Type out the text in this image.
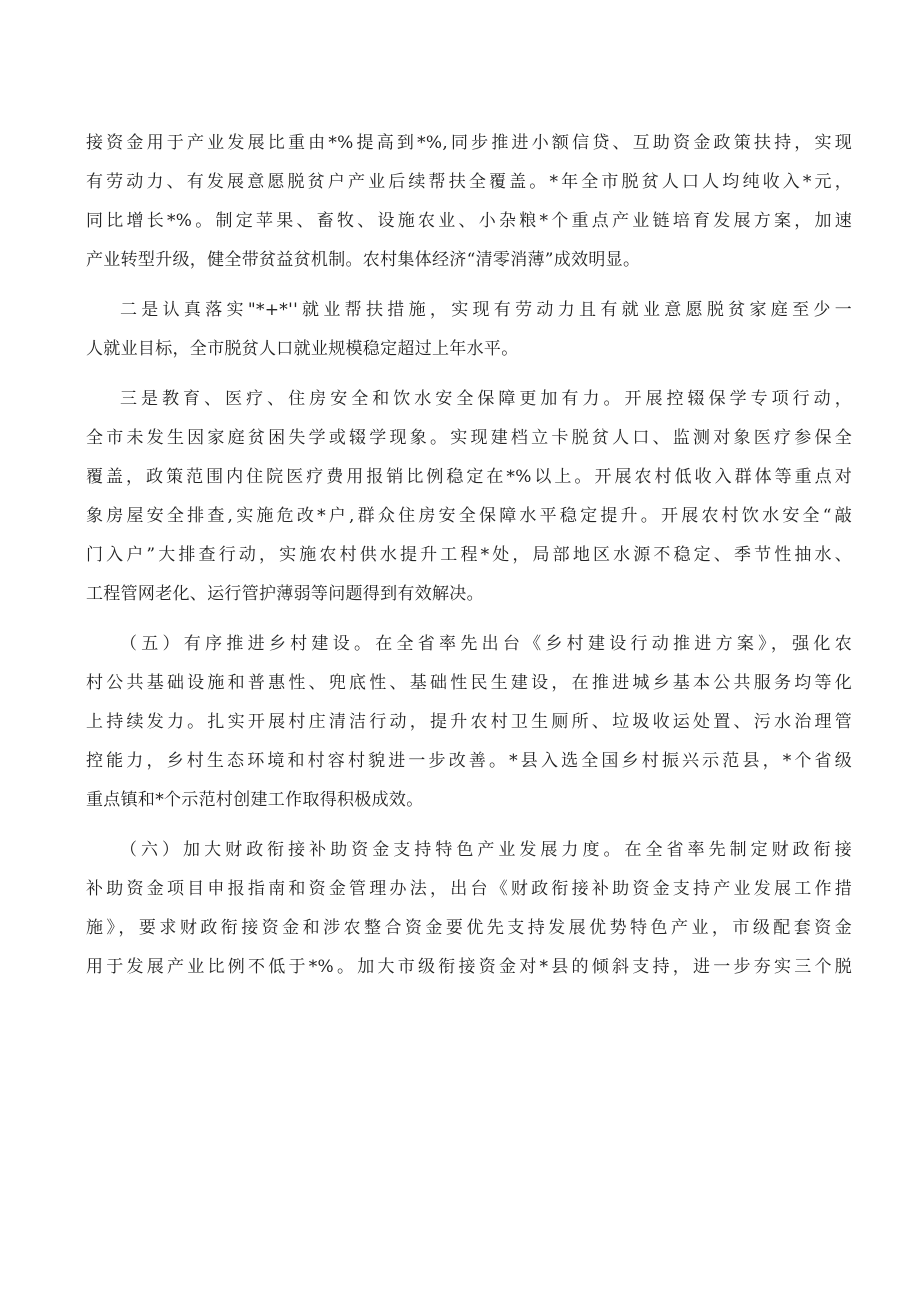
接资金用于产业发展比重由*%提高到*%,同步推进小额信贷、互助资金政策扶持，实现
有劳动力、有发展意愿脱贫户产业后续帮扶全覆盖。*年全市脱贫人口人均纯收入*元，
同比增长*%。制定苹果、畜牧、设施农业、小杂粮*个重点产业链培育发展方案，加速
产业转型升级，健全带贫益贫机制。农村集体经济“清零消薄”成效明显。
二是认真落实"*+*''就业帮扶措施，实现有劳动力且有就业意愿脱贫家庭至少一
人就业目标，全市脱贫人口就业规模稳定超过上年水平。
三是教育、医疗、住房安全和饮水安全保障更加有力。开展控辍保学专项行动，
全市未发生因家庭贫困失学或辍学现象。实现建档立卡脱贫人口、监测对象医疗参保全
覆盖，政策范围内住院医疗费用报销比例稳定在*%以上。开展农村低收入群体等重点对
象房屋安全排查,实施危改*户,群众住房安全保障水平稳定提升。开展农村饮水安全“敲
门入户”大排查行动，实施农村供水提升工程*处，局部地区水源不稳定、季节性抽水、
工程管网老化、运行管护薄弱等问题得到有效解决。
（五）有序推进乡村建设。在全省率先出台《乡村建设行动推进方案》，强化农
村公共基础设施和普惠性、兜底性、基础性民生建设，在推进城乡基本公共服务均等化
上持续发力。扎实开展村庄清洁行动，提升农村卫生厕所、垃圾收运处置、污水治理管
控能力，乡村生态环境和村容村貌进一步改善。*县入选全国乡村振兴示范县，*个省级
重点镇和*个示范村创建工作取得积极成效。
（六）加大财政衔接补助资金支持特色产业发展力度。在全省率先制定财政衔接
补助资金项目申报指南和资金管理办法，出台《财政衔接补助资金支持产业发展工作措
施》，要求财政衔接资金和涉农整合资金要优先支持发展优势特色产业，市级配套资金
用于发展产业比例不低于*%。加大市级衔接资金对*县的倾斜支持，进一步夯实三个脱
